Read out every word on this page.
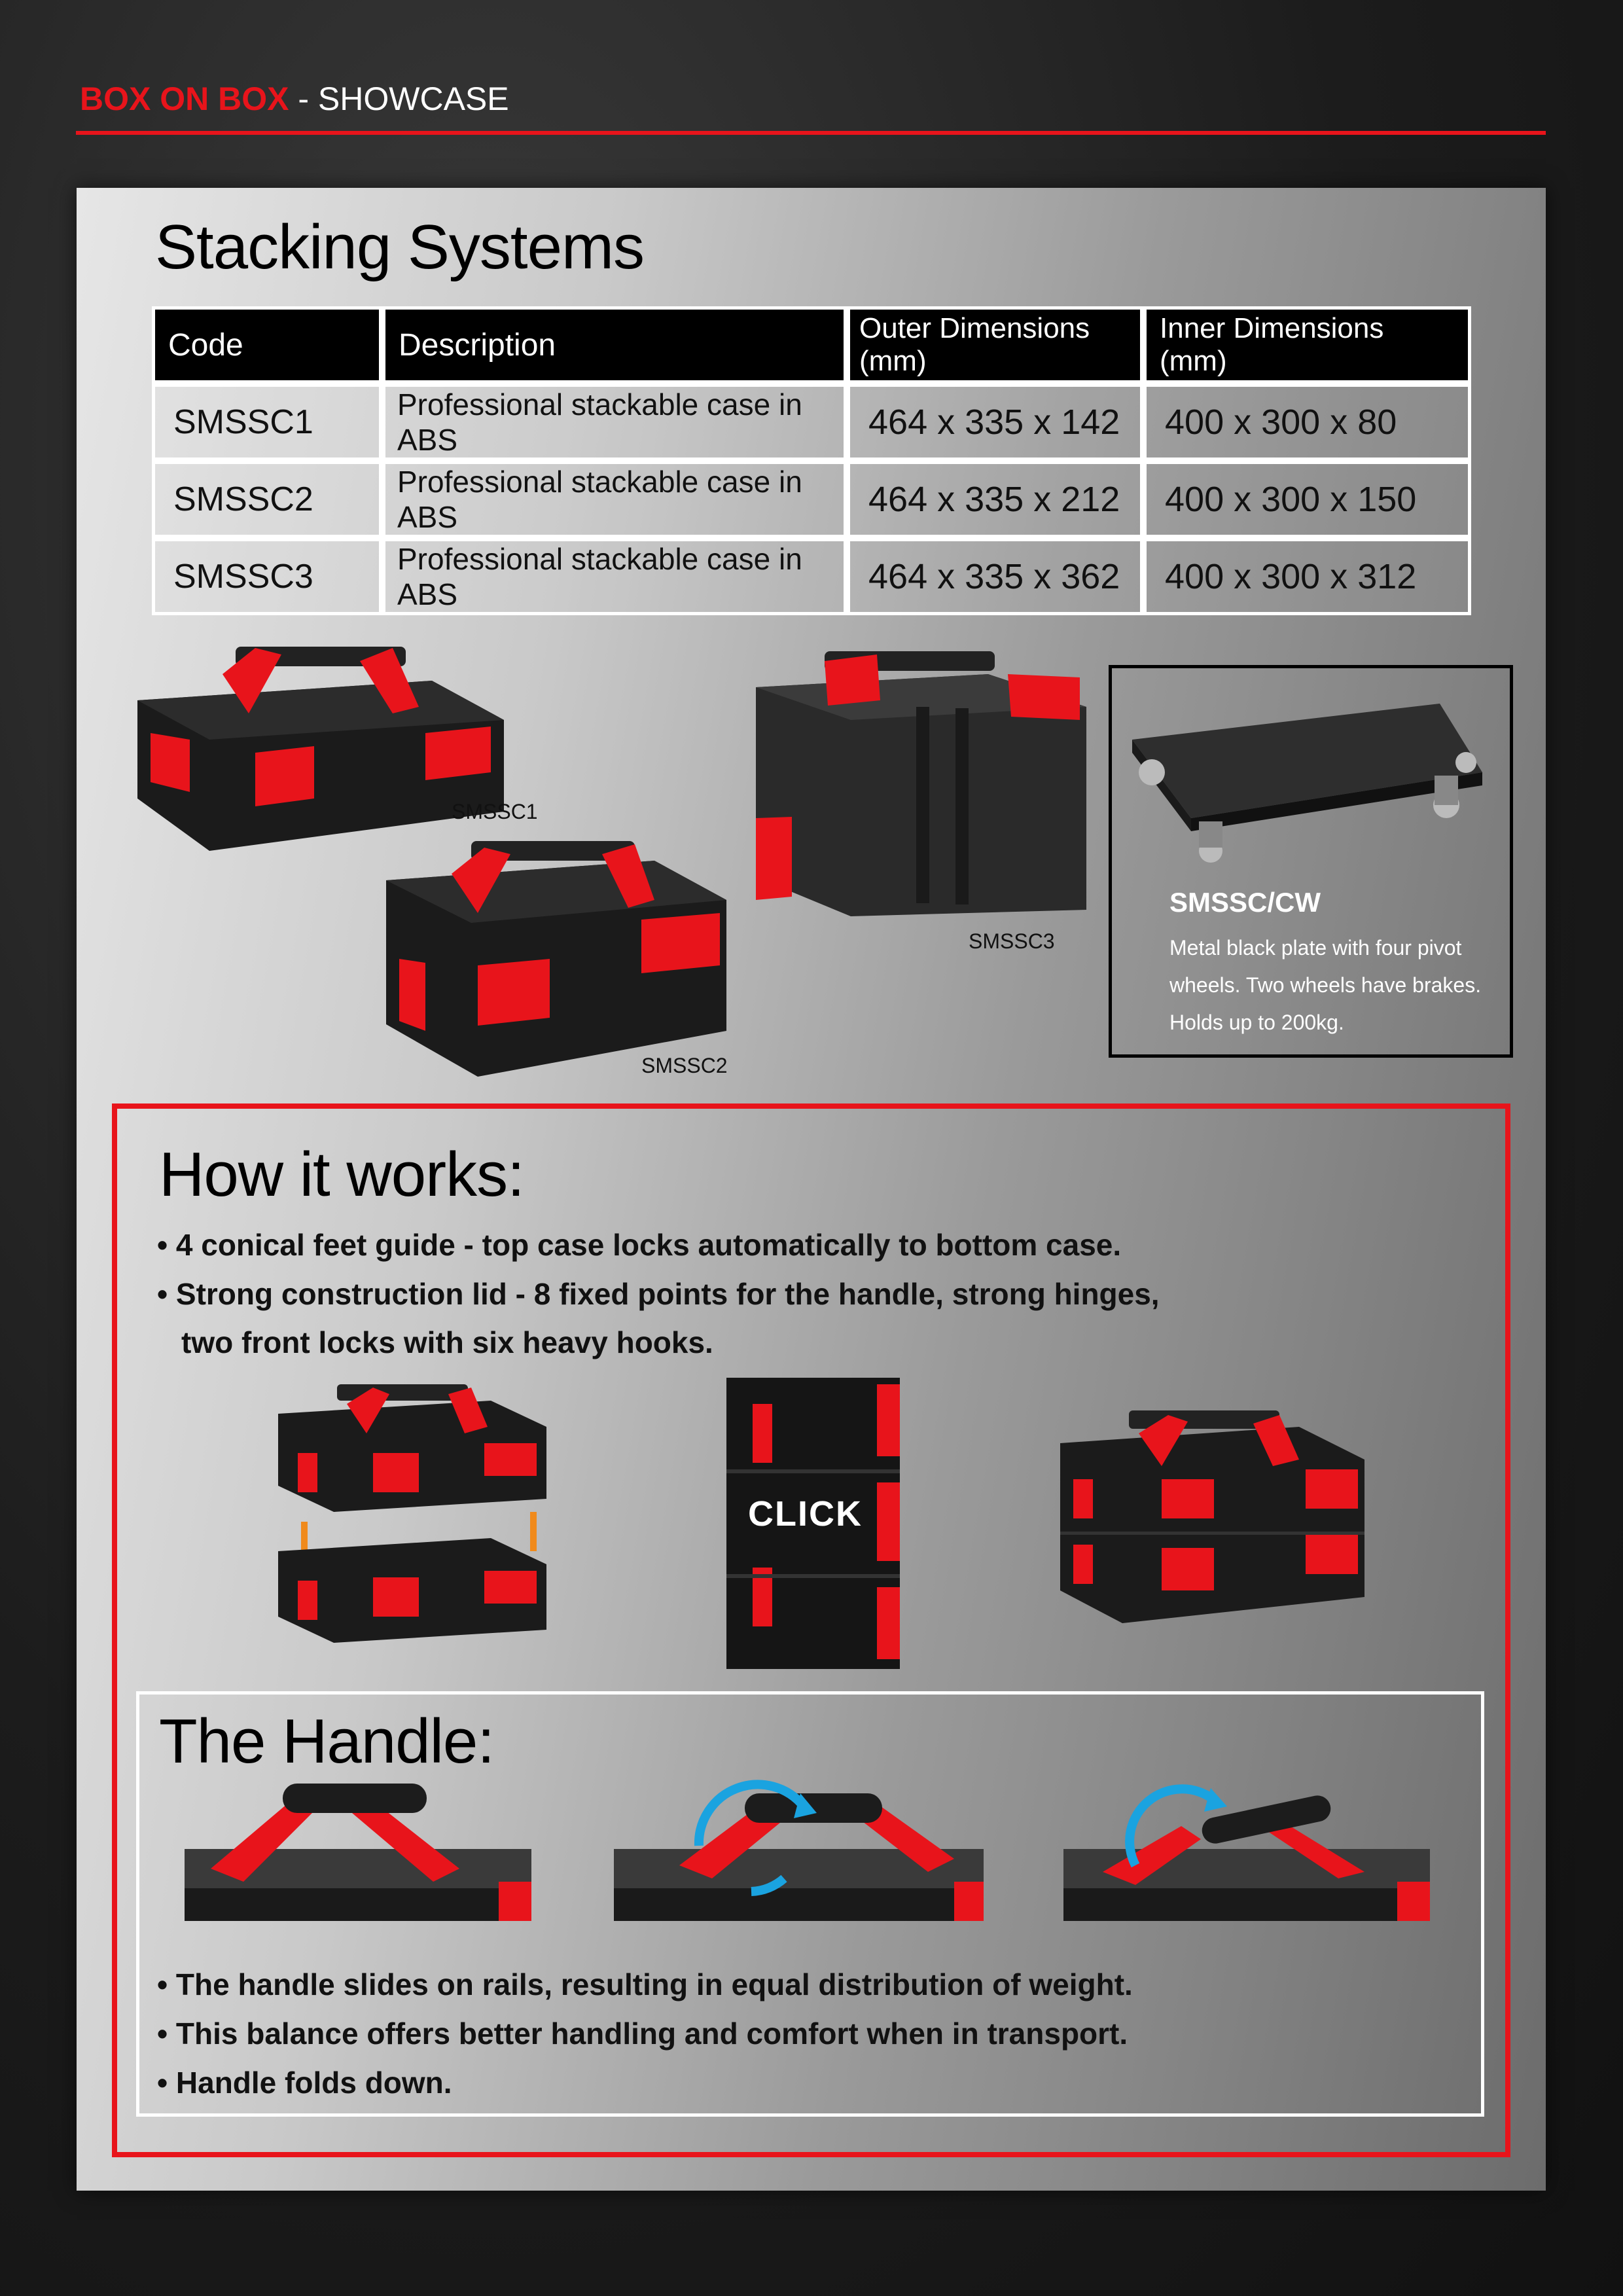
BOX ON BOX - SHOWCASE
Stacking Systems
Code	Description	Outer Dimensions (mm)	Inner Dimensions (mm)
SMSSC1	Professional stackable case in ABS	464 x 335 x 142	400 x 300 x 80
SMSSC2	Professional stackable case in ABS	464 x 335 x 212	400 x 300 x 150
SMSSC3	Professional stackable case in ABS	464 x 335 x 362	400 x 300 x 312
SMSSC1
SMSSC2
SMSSC3
SMSSC/CW
Metal black plate with four pivot
wheels. Two wheels have brakes.
Holds up to 200kg.
How it works:
• 4 conical feet guide - top case locks automatically to bottom case.
• Strong construction lid - 8 fixed points for the handle, strong hinges,
two front locks with six heavy hooks.
CLICK
The Handle:
• The handle slides on rails, resulting in equal distribution of weight.
• This balance offers better handling and comfort when in transport.
• Handle folds down.
